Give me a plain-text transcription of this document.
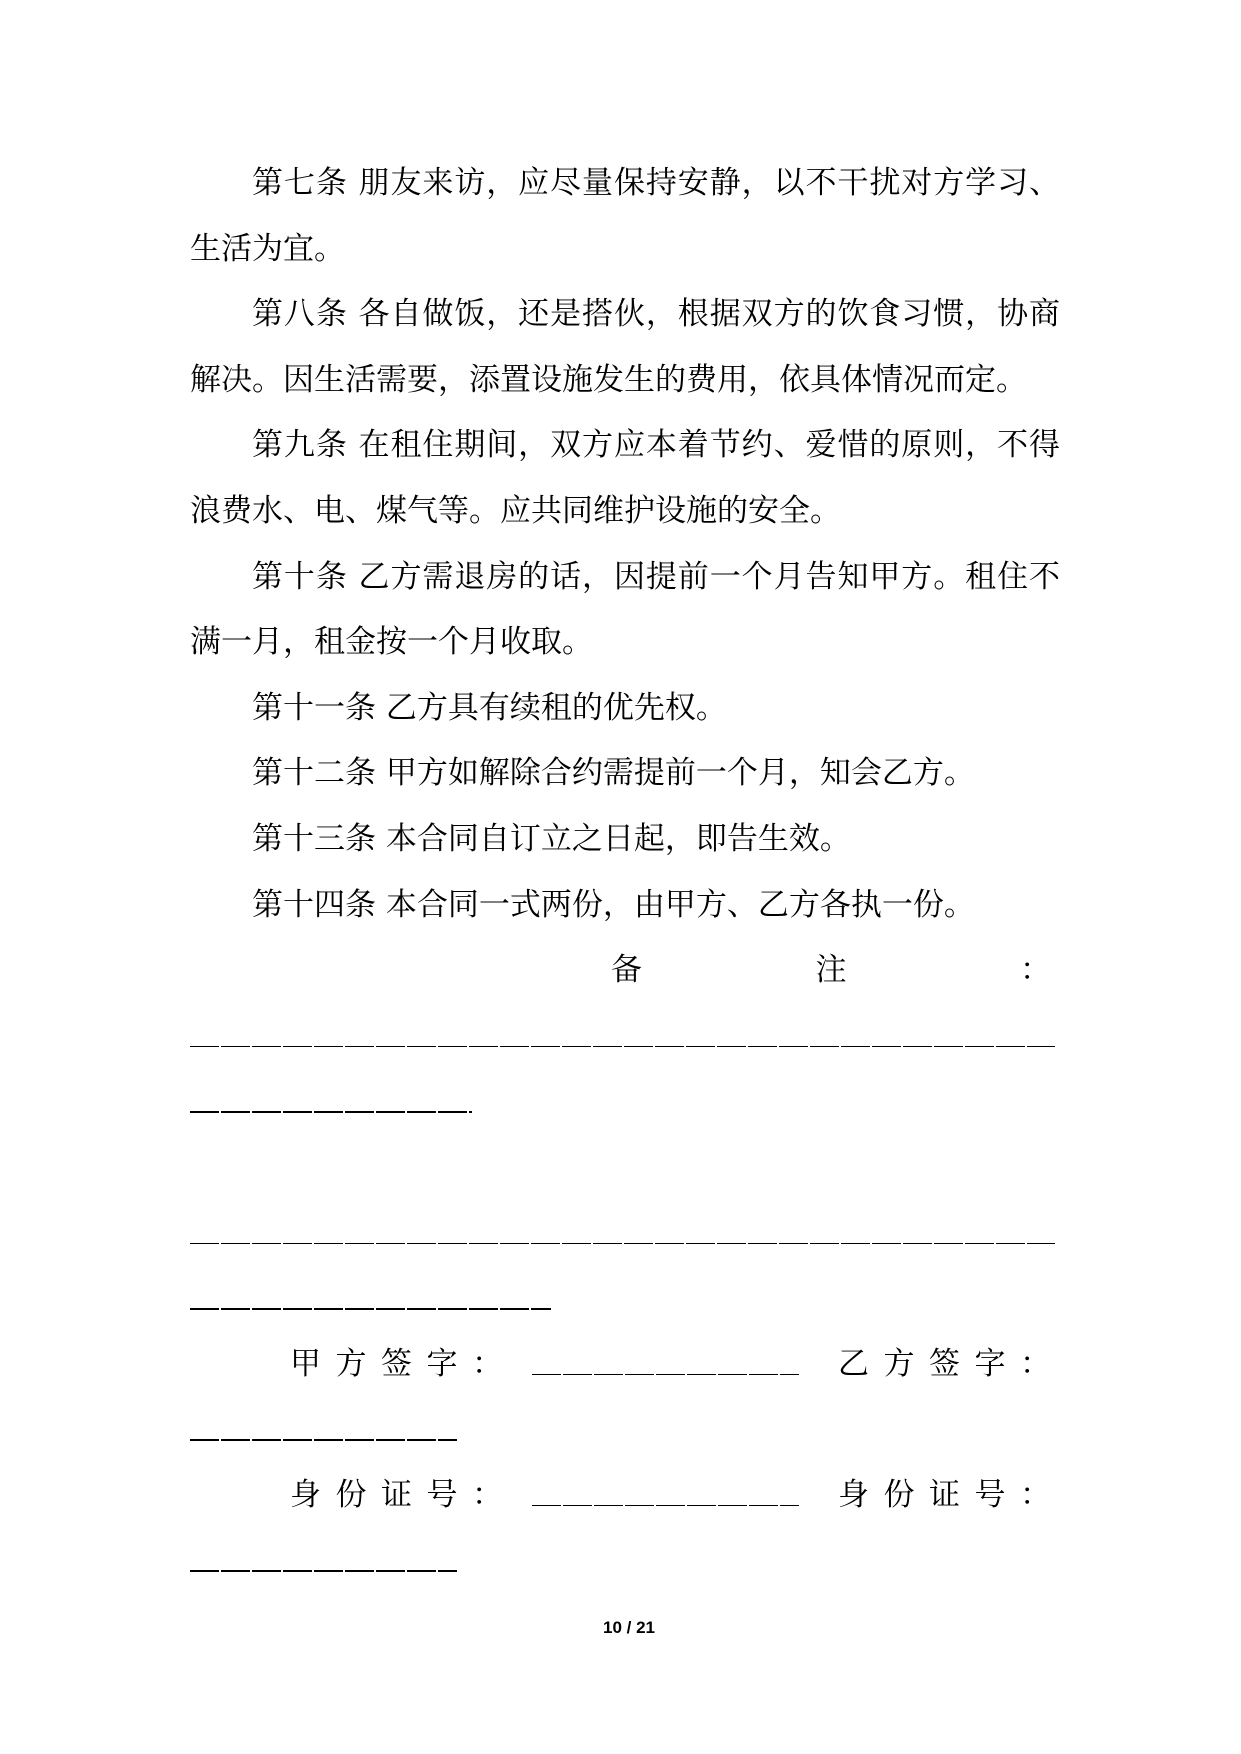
第七条 朋友来访，应尽量保持安静，以不干扰对方学习、
生活为宜。
第八条 各自做饭，还是搭伙，根据双方的饮食习惯，协商
解决。因生活需要，添置设施发生的费用，依具体情况而定。
第九条 在租住期间，双方应本着节约、爱惜的原则，不得
浪费水、电、煤气等。应共同维护设施的安全。
第十条 乙方需退房的话，因提前一个月告知甲方。租住不
满一月，租金按一个月收取。
第十一条 乙方具有续租的优先权。
第十二条 甲方如解除合约需提前一个月，知会乙方。
第十三条 本合同自订立之日起，即告生效。
第十四条 本合同一式两份，由甲方、乙方各执一份。
备	注	：
甲方签字：	乙方签字：
身份证号：	身份证号：
10 / 21
